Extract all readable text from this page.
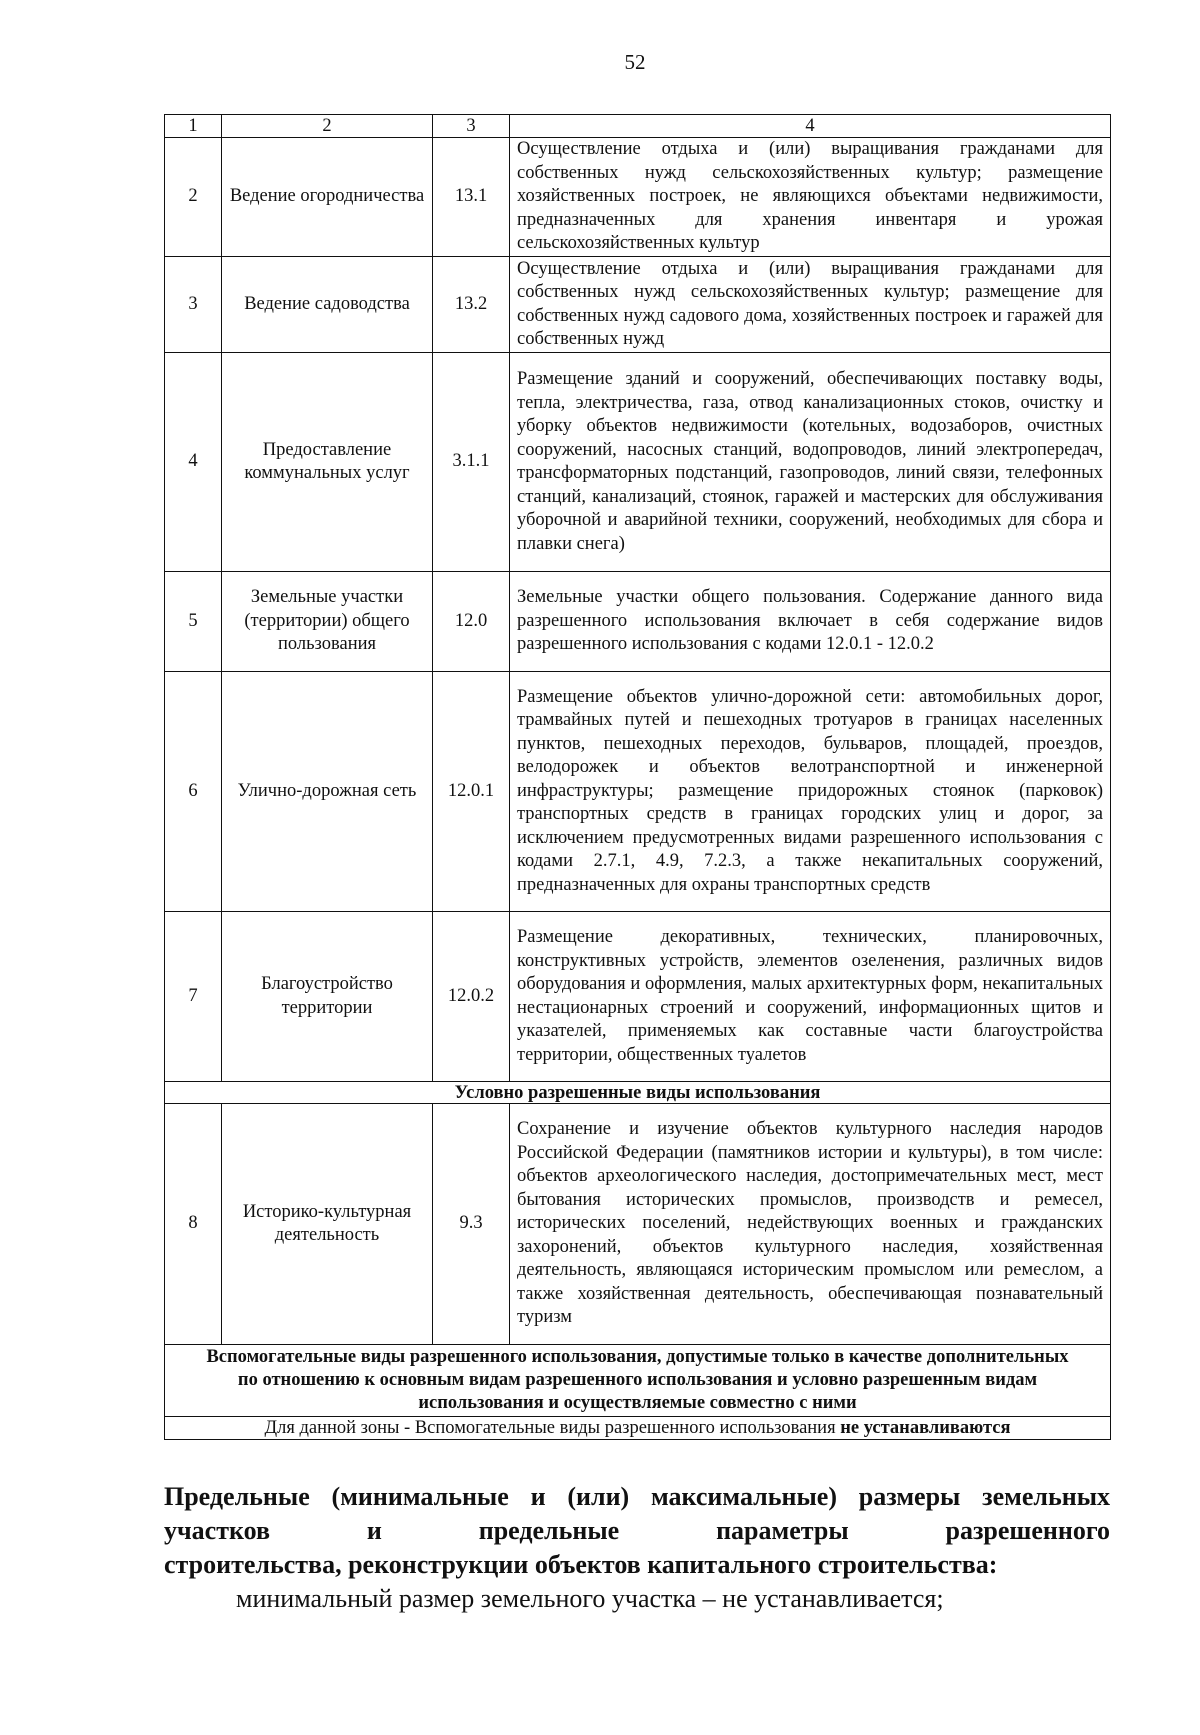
52
1	2	3	4
2	Ведение огородничества	13.1	Осуществление отдыха и (или) выращивания гражданами для собственных нужд сельскохозяйственных культур; размещение хозяйственных построек, не являющихся объектами недвижимости, предназначенных для хранения инвентаря и урожая сельскохозяйственных культур
3	Ведение садоводства	13.2	Осуществление отдыха и (или) выращивания гражданами для собственных нужд сельскохозяйственных культур; размещение для собственных нужд садового дома, хозяйственных построек и гаражей для собственных нужд
4	Предоставление коммунальных услуг	3.1.1	Размещение зданий и сооружений, обеспечивающих поставку воды, тепла, электричества, газа, отвод канализационных стоков, очистку и уборку объектов недвижимости (котельных, водозаборов, очистных сооружений, насосных станций, водопроводов, линий электропередач, трансформаторных подстанций, газопроводов, линий связи, телефонных станций, канализаций, стоянок, гаражей и мастерских для обслуживания уборочной и аварийной техники, сооружений, необходимых для сбора и плавки снега)
5	Земельные участки (территории) общего пользования	12.0	Земельные участки общего пользования. Содержание данного вида разрешенного использования включает в себя содержание видов разрешенного использования с кодами 12.0.1 - 12.0.2
6	Улично-дорожная сеть	12.0.1	Размещение объектов улично-дорожной сети: автомобильных дорог, трамвайных путей и пешеходных тротуаров в границах населенных пунктов, пешеходных переходов, бульваров, площадей, проездов, велодорожек и объектов велотранспортной и инженерной инфраструктуры; размещение придорожных стоянок (парковок) транспортных средств в границах городских улиц и дорог, за исключением предусмотренных видами разрешенного использования с кодами 2.7.1, 4.9, 7.2.3, а также некапитальных сооружений, предназначенных для охраны транспортных средств
7	Благоустройство территории	12.0.2	Размещение декоративных, технических, планировочных, конструктивных устройств, элементов озеленения, различных видов оборудования и оформления, малых архитектурных форм, некапитальных нестационарных строений и сооружений, информационных щитов и указателей, применяемых как составные части благоустройства территории, общественных туалетов
Условно разрешенные виды использования			
8	Историко-культурная деятельность	9.3	Сохранение и изучение объектов культурного наследия народов Российской Федерации (памятников истории и культуры), в том числе: объектов археологического наследия, достопримечательных мест, мест бытования исторических промыслов, производств и ремесел, исторических поселений, недействующих военных и гражданских захоронений, объектов культурного наследия, хозяйственная деятельность, являющаяся историческим промыслом или ремеслом, а также хозяйственная деятельность, обеспечивающая познавательный туризм
Вспомогательные виды разрешенного использования, допустимые только в качестве дополнительных по отношению к основным видам разрешенного использования и условно разрешенным видам использования и осуществляемые совместно с ними			
Для данной зоны - Вспомогательные виды разрешенного использования не устанавливаются			
Предельные (минимальные и (или) максимальные) размеры земельных участков и предельные параметры разрешенного
строительства, реконструкции объектов капитального строительства:
минимальный размер земельного участка – не устанавливается;
